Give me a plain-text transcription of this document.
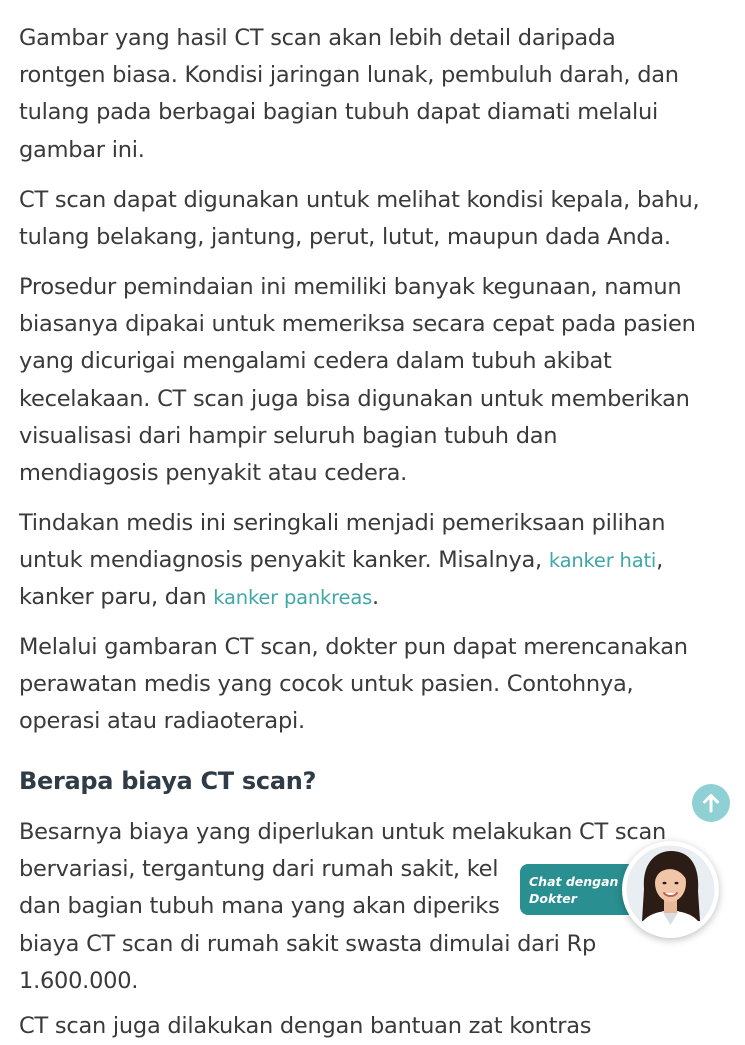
Gambar yang hasil CT scan akan lebih detail daripada
rontgen biasa. Kondisi jaringan lunak, pembuluh darah, dan
tulang pada berbagai bagian tubuh dapat diamati melalui
gambar ini.

CT scan dapat digunakan untuk melihat kondisi kepala, bahu,
tulang belakang, jantung, perut, lutut, maupun dada Anda.

Prosedur pemindaian ini memiliki banyak kegunaan, namun
biasanya dipakai untuk memeriksa secara cepat pada pasien
yang dicurigai mengalami cedera dalam tubuh akibat
kecelakaan. CT scan juga bisa digunakan untuk memberikan
visualisasi dari hampir seluruh bagian tubuh dan
mendiagosis penyakit atau cedera.

Tindakan medis ini seringkali menjadi pemeriksaan pilihan
untuk mendiagnosis penyakit kanker. Misalnya, kanker hati,
kanker paru, dan kanker pankreas.

Melalui gambaran CT scan, dokter pun dapat merencanakan
perawatan medis yang cocok untuk pasien. Contohnya,
operasi atau radiaoterapi.

Berapa biaya CT scan?

Besarnya biaya yang diperlukan untuk melakukan CT scan
bervariasi, tergantung dari rumah sakit, kel
dan bagian tubuh mana yang akan diperiks
biaya CT scan di rumah sakit swasta dimulai dari Rp
1.600.000.

CT scan juga dilakukan dengan bantuan zat kontras

Chat dengan
Dokter
